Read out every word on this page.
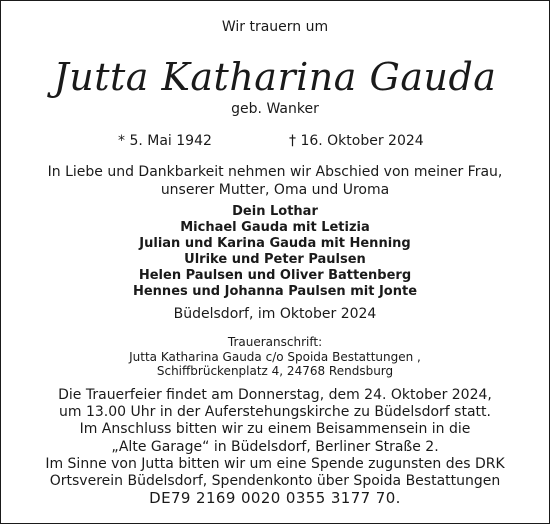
Wir trauern um
Jutta Katharina Gauda
geb. Wanker
* 5. Mai 1942	† 16. Oktober 2024
In Liebe und Dankbarkeit nehmen wir Abschied von meiner Frau,
unserer Mutter, Oma und Uroma
Dein Lothar
Michael Gauda mit Letizia
Julian und Karina Gauda mit Henning
Ulrike und Peter Paulsen
Helen Paulsen und Oliver Battenberg
Hennes und Johanna Paulsen mit Jonte
Büdelsdorf, im Oktober 2024
Traueranschrift:
Jutta Katharina Gauda c/o Spoida Bestattungen ,
Schiffbrückenplatz 4, 24768 Rendsburg
Die Trauerfeier findet am Donnerstag, dem 24. Oktober 2024,
um 13.00 Uhr in der Auferstehungskirche zu Büdelsdorf statt.
Im Anschluss bitten wir zu einem Beisammensein in die
„Alte Garage“ in Büdelsdorf, Berliner Straße 2.
Im Sinne von Jutta bitten wir um eine Spende zugunsten des DRK
Ortsverein Büdelsdorf, Spendenkonto über Spoida Bestattungen
DE79 2169 0020 0355 3177 70.
